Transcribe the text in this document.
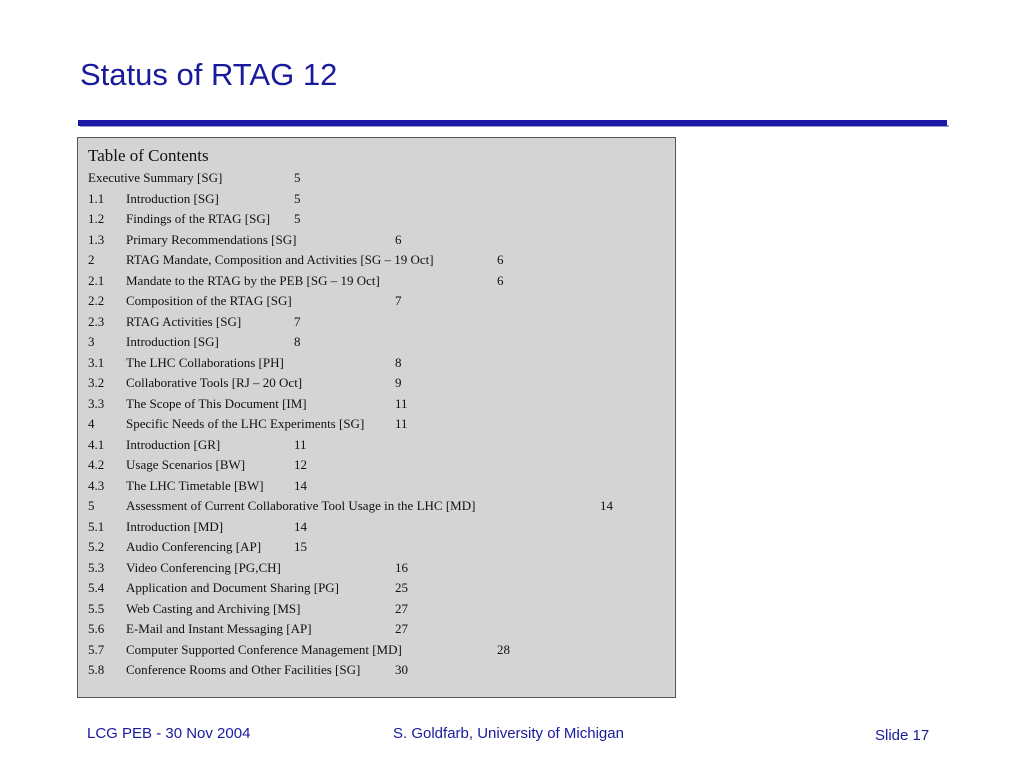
Status of RTAG 12
Table of Contents
Executive Summary [SG]	5
1.1 Introduction [SG]	5
1.2 Findings of the RTAG [SG] 5
1.3 Primary Recommendations [SG]	6
2 RTAG Mandate, Composition and Activities [SG – 19 Oct]	6
2.1 Mandate to the RTAG by the PEB [SG – 19 Oct]	6
2.2 Composition of the RTAG [SG]	7
2.3 RTAG Activities [SG]	7
3 Introduction [SG]	8
3.1 The LHC Collaborations [PH]	8
3.2 Collaborative Tools [RJ – 20 Oct]	9
3.3 The Scope of This Document [IM]	11
4 Specific Needs of the LHC Experiments [SG] 11
4.1 Introduction [GR]	11
4.2 Usage Scenarios [BW]	12
4.3 The LHC Timetable [BW] 14
5 Assessment of Current Collaborative Tool Usage in the LHC [MD]	14
5.1 Introduction [MD]	14
5.2 Audio Conferencing [AP]	15
5.3 Video Conferencing [PG,CH]	16
5.4 Application and Document Sharing [PG]	25
5.5 Web Casting and Archiving [MS]	27
5.6 E-Mail and Instant Messaging [AP]	27
5.7 Computer Supported Conference Management [MD]	28
5.8 Conference Rooms and Other Facilities [SG]	30
LCG PEB - 30 Nov 2004	S. Goldfarb, University of Michigan	Slide 17
